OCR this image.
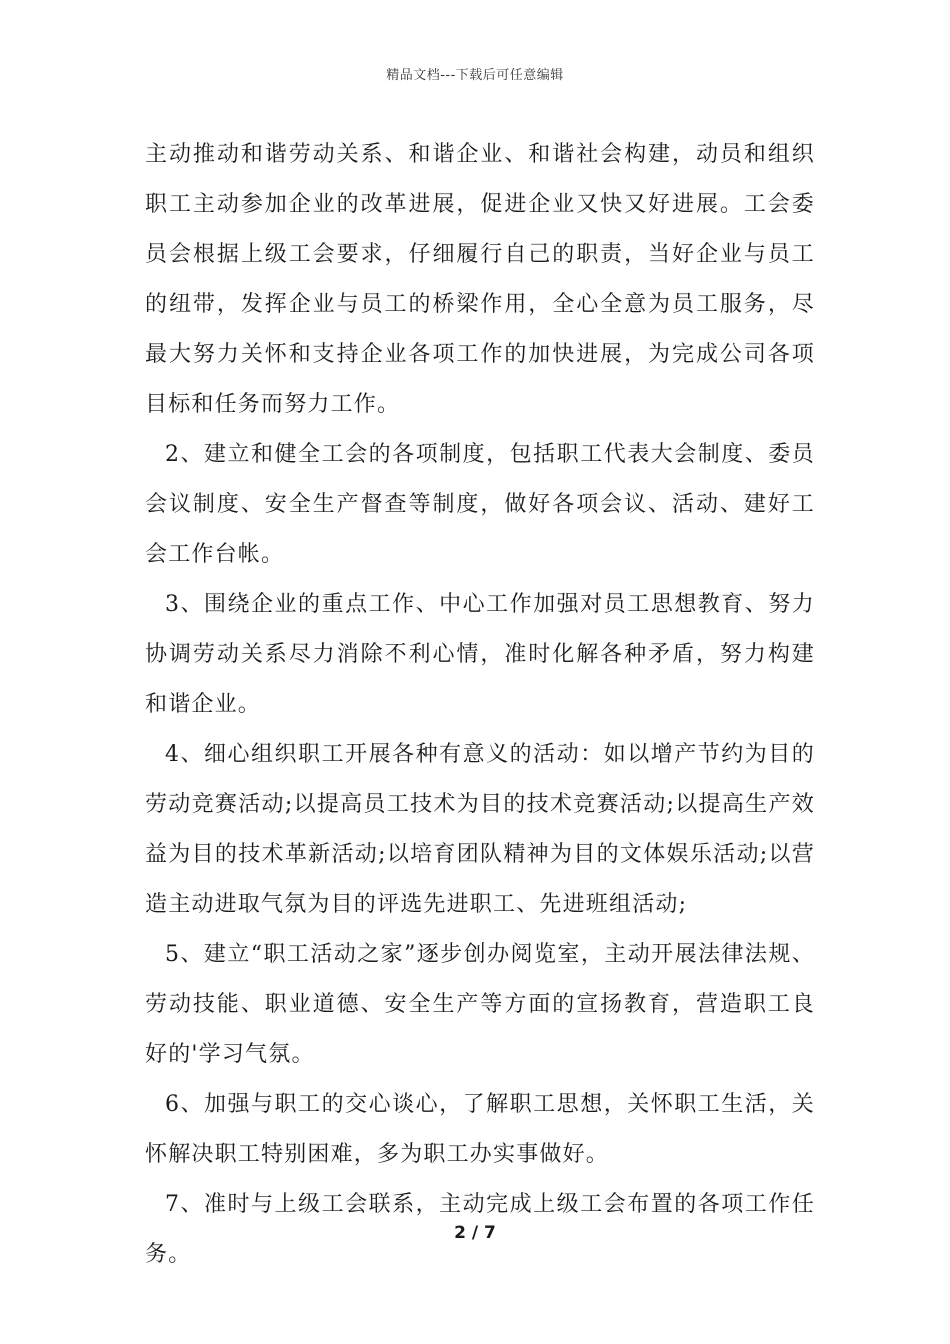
精品文档---下载后可任意编辑

主动推动和谐劳动关系、和谐企业、和谐社会构建，动员和组织职工主动参加企业的改革进展，促进企业又快又好进展。工会委员会根据上级工会要求，仔细履行自己的职责，当好企业与员工的纽带，发挥企业与员工的桥梁作用，全心全意为员工服务，尽最大努力关怀和支持企业各项工作的加快进展，为完成公司各项目标和任务而努力工作。

2、建立和健全工会的各项制度，包括职工代表大会制度、委员会议制度、安全生产督查等制度，做好各项会议、活动、建好工会工作台帐。

3、围绕企业的重点工作、中心工作加强对员工思想教育、努力协调劳动关系尽力消除不利心情，准时化解各种矛盾，努力构建和谐企业。

4、细心组织职工开展各种有意义的活动：如以增产节约为目的劳动竞赛活动;以提高员工技术为目的技术竞赛活动;以提高生产效益为目的技术革新活动;以培育团队精神为目的文体娱乐活动;以营造主动进取气氛为目的评选先进职工、先进班组活动;

5、建立“职工活动之家”逐步创办阅览室，主动开展法律法规、劳动技能、职业道德、安全生产等方面的宣扬教育，营造职工良好的'学习气氛。

6、加强与职工的交心谈心，了解职工思想，关怀职工生活，关怀解决职工特别困难，多为职工办实事做好。

7、准时与上级工会联系，主动完成上级工会布置的各项工作任务。

2 / 7
